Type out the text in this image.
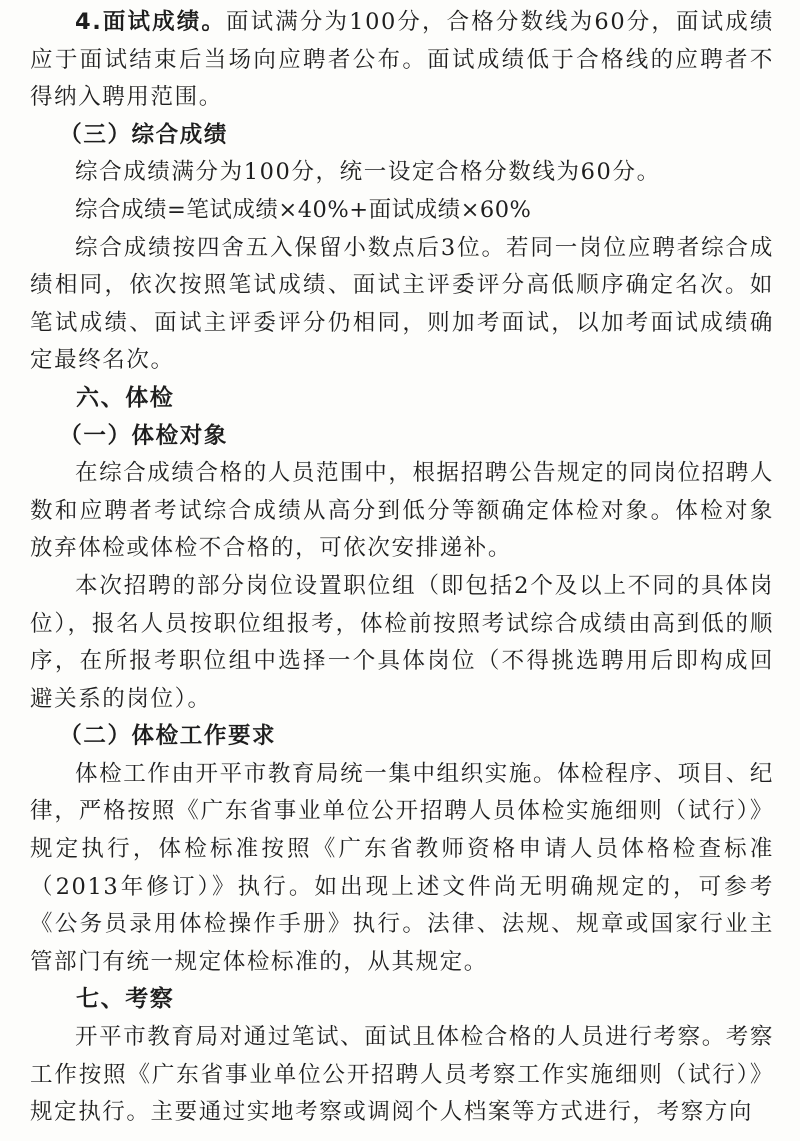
4.面试成绩。面试满分为100分，合格分数线为60分，面试成绩应于面试结束后当场向应聘者公布。面试成绩低于合格线的应聘者不得纳入聘用范围。

（三）综合成绩

综合成绩满分为100分，统一设定合格分数线为60分。

综合成绩=笔试成绩×40%+面试成绩×60%

综合成绩按四舍五入保留小数点后3位。若同一岗位应聘者综合成绩相同，依次按照笔试成绩、面试主评委评分高低顺序确定名次。如笔试成绩、面试主评委评分仍相同，则加考面试，以加考面试成绩确定最终名次。

六、体检

（一）体检对象

在综合成绩合格的人员范围中，根据招聘公告规定的同岗位招聘人数和应聘者考试综合成绩从高分到低分等额确定体检对象。体检对象放弃体检或体检不合格的，可依次安排递补。

本次招聘的部分岗位设置职位组（即包括2个及以上不同的具体岗位），报名人员按职位组报考，体检前按照考试综合成绩由高到低的顺序，在所报考职位组中选择一个具体岗位（不得挑选聘用后即构成回避关系的岗位）。

（二）体检工作要求

体检工作由开平市教育局统一集中组织实施。体检程序、项目、纪律，严格按照《广东省事业单位公开招聘人员体检实施细则（试行）》规定执行，体检标准按照《广东省教师资格申请人员体格检查标准（2013年修订）》执行。如出现上述文件尚无明确规定的，可参考《公务员录用体检操作手册》执行。法律、法规、规章或国家行业主管部门有统一规定体检标准的，从其规定。

七、考察

开平市教育局对通过笔试、面试且体检合格的人员进行考察。考察工作按照《广东省事业单位公开招聘人员考察工作实施细则（试行）》规定执行。主要通过实地考察或调阅个人档案等方式进行，考察方向
